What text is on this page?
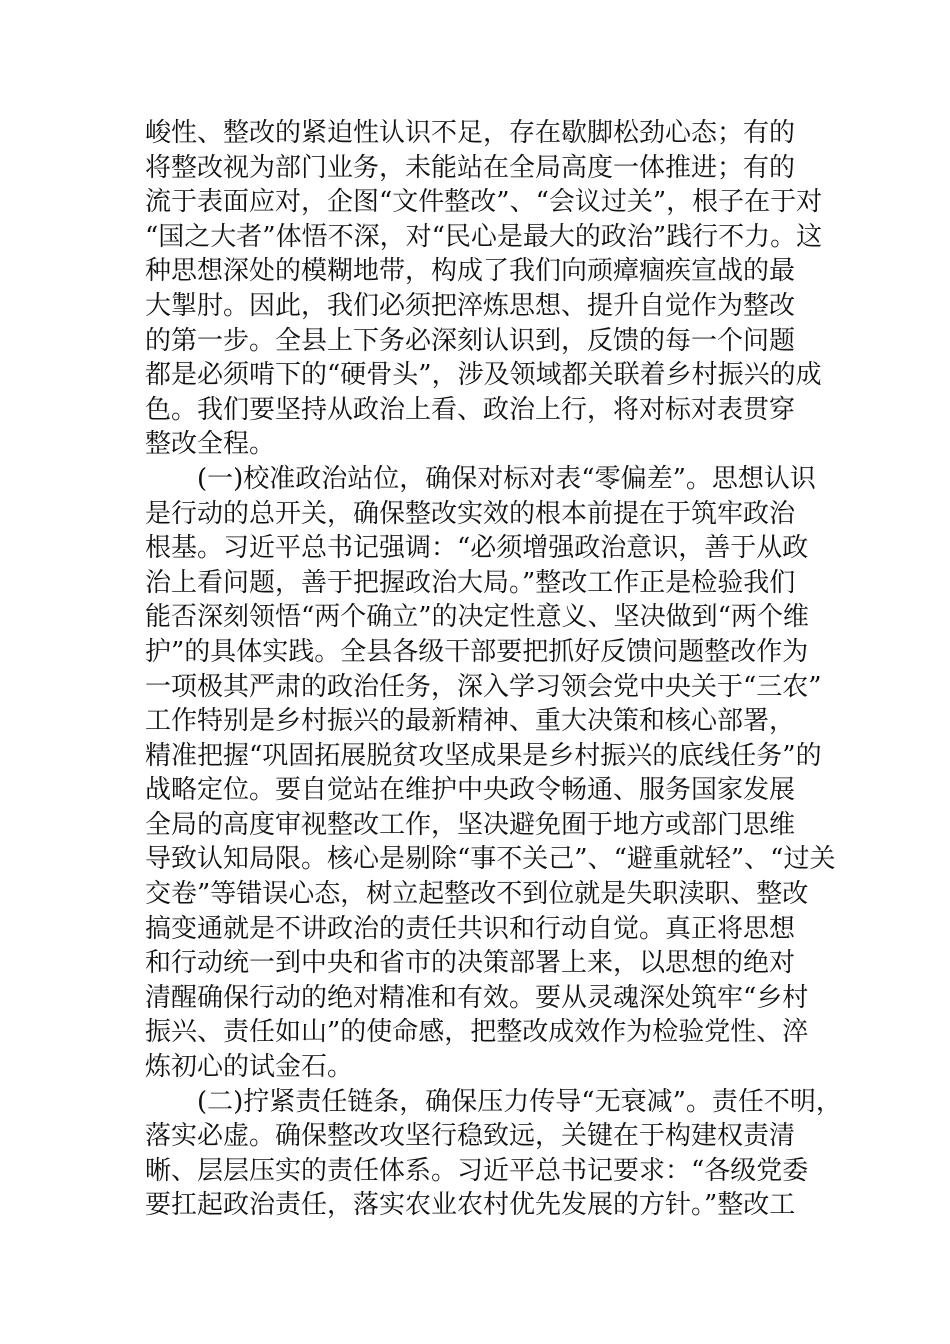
峻性、整改的紧迫性认识不足，存在歇脚松劲心态；有的
将整改视为部门业务，未能站在全局高度一体推进；有的
流于表面应对，企图“文件整改”、“会议过关”，根子在于对
“国之大者”体悟不深，对“民心是最大的政治”践行不力。这
种思想深处的模糊地带，构成了我们向顽瘴痼疾宣战的最
大掣肘。因此，我们必须把淬炼思想、提升自觉作为整改
的第一步。全县上下务必深刻认识到，反馈的每一个问题
都是必须啃下的“硬骨头”，涉及领域都关联着乡村振兴的成
色。我们要坚持从政治上看、政治上行，将对标对表贯穿
整改全程。
(一)校准政治站位，确保对标对表“零偏差”。思想认识
是行动的总开关，确保整改实效的根本前提在于筑牢政治
根基。习近平总书记强调：“必须增强政治意识，善于从政
治上看问题，善于把握政治大局。”整改工作正是检验我们
能否深刻领悟“两个确立”的决定性意义、坚决做到“两个维
护”的具体实践。全县各级干部要把抓好反馈问题整改作为
一项极其严肃的政治任务，深入学习领会党中央关于“三农”
工作特别是乡村振兴的最新精神、重大决策和核心部署，
精准把握“巩固拓展脱贫攻坚成果是乡村振兴的底线任务”的
战略定位。要自觉站在维护中央政令畅通、服务国家发展
全局的高度审视整改工作，坚决避免囿于地方或部门思维
导致认知局限。核心是剔除“事不关己”、“避重就轻”、“过关
交卷”等错误心态，树立起整改不到位就是失职渎职、整改
搞变通就是不讲政治的责任共识和行动自觉。真正将思想
和行动统一到中央和省市的决策部署上来，以思想的绝对
清醒确保行动的绝对精准和有效。要从灵魂深处筑牢“乡村
振兴、责任如山”的使命感，把整改成效作为检验党性、淬
炼初心的试金石。
(二)拧紧责任链条，确保压力传导“无衰减”。责任不明，
落实必虚。确保整改攻坚行稳致远，关键在于构建权责清
晰、层层压实的责任体系。习近平总书记要求：“各级党委
要扛起政治责任，落实农业农村优先发展的方针。”整改工
